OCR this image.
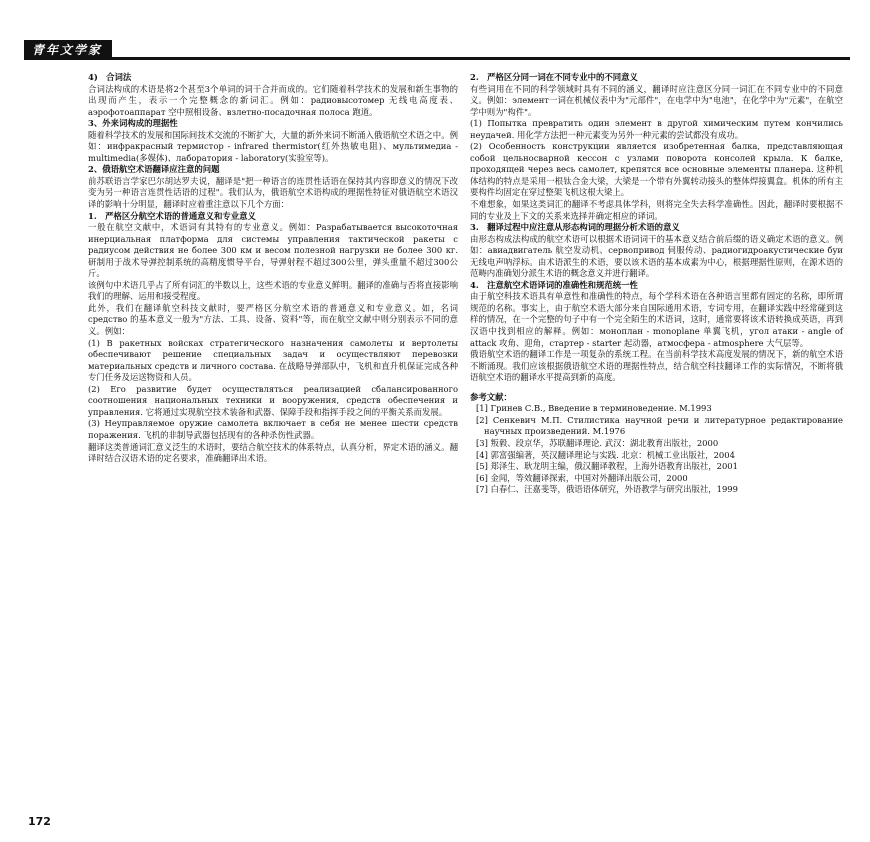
青年文学家

4)　合词法

合词法构成的术语是将2个甚至3个单词的词干合并而成的。它们随着科学技术的发展和新生事物的出现而产生，表示一个完整概念的新词汇。例如：радиовысотомер 无线电高度表、аэрофотоаппарат 空中照相设备、взлетно-посадочная полоса 跑道。

3、外来词构成的理据性

随着科学技术的发展和国际间技术交流的不断扩大，大量的新外来词不断涌入俄语航空术语之中。例如：инфракрасный термистор - infrared thermistor(红外热敏电阻)、мультимедиа - multimedia(多媒体)、лаборатория - laboratory(实验室等)。

2、俄语航空术语翻译应注意的问题

前苏联语言学家巴尔胡达罗夫说，翻译是"把一种语言的连贯性话语在保持其内容即意义的情况下改变为另一种语言连贯性话语的过程"。我们认为，俄语航空术语构成的理据性特征对俄语航空术语汉译的影响十分明显，翻译时应着重注意以下几个方面：

1.　严格区分航空术语的普通意义和专业意义

一般在航空文献中，术语词有其特有的专业意义。例如：Разрабатывается высокоточная инерциальная платформа для системы управления тактической ракеты с радиусом действия не более 300 км и весом полезной нагрузки не более 300 кг. 研制用于战术导弹控制系统的高精度惯导平台，导弹射程不超过300公里，弹头重量不超过300公斤。

该例句中术语几乎占了所有词汇的半数以上，这些术语的专业意义鲜明。翻译的准确与否将直接影响我们的理解、运用和接受程度。

此外，我们在翻译航空科技文献时，要严格区分航空术语的普通意义和专业意义。如，名词 средство 的基本意义一般为"方法、工具、设备、资料"等，而在航空文献中则分别表示不同的意义。例如：

(1) В ракетных войсках стратегического назначения самолеты и вертолеты обеспечивают решение специальных задач и осуществляют перевозки материальных средств и личного состава. 在战略导弹部队中，飞机和直升机保证完成各种专门任务及运送物资和人员。

(2) Его развитие будет осуществляться реализацией сбалансированного соотношения национальных техники и вооружения, средств обеспечения и управления. 它将通过实现航空技术装备和武器、保障手段和指挥手段之间的平衡关系而发展。

(3) Неуправляемое оружие самолета включает в себя не менее шести средств поражения. 飞机的非制导武器包括现有的各种杀伤性武器。

翻译这类普通词汇意义泛生的术语时，要结合航空技术的体系特点，认真分析，界定术语的涵义。翻译时结合汉语术语的定名要求，准确翻译出术语。

2.　严格区分同一词在不同专业中的不同意义

有些词用在不同的科学领域时具有不同的涵义，翻译时应注意区分同一词汇在不同专业中的不同意义。例如：элемент一词在机械仪表中为"元部件"，在电学中为"电池"，在化学中为"元素"，在航空学中则为"构件"。

(1) Попытка превратить один элемент в другой химическим путем кончились неудачей. 用化学方法把一种元素变为另外一种元素的尝试都没有成功。

(2) Особенность конструкции является изобретенная балка, представляющая собой цельносварной кессон с узлами поворота консолей крыла. К балке, проходящей через весь самолет, крепятся все основные элементы планера. 这种机体结构的特点是采用一根钛合金大梁，大梁是一个带有外翼转动接头的整体焊接翼盒。机体的所有主要构件均固定在穿过整架飞机这根大梁上。

不难想象，如果这类词汇的翻译不考虑具体学科，则将完全失去科学准确性。因此，翻译时要根据不同的专业及上下文的关系来选择并确定相应的译词。

3.　翻译过程中应注意从形态构词的理据分析术语的意义

由形态构成法构成的航空术语可以根据术语词词干的基本意义结合前后缀的语义确定术语的意义。例如：авиадвигатель 航空发动机、сервопривод 伺服传动、радиогидроакустические буи 无线电声呐浮标。由术语派生的术语，要以该术语的基本成素为中心，根据理据性原则，在源术语的范畴内准确划分派生术语的概念意义并进行翻译。

4.　注意航空术语译词的准确性和规范统一性

由于航空科技术语具有单意性和准确性的特点，每个学科术语在各种语言里都有固定的名称，即所谓规范的名称。事实上，由于航空术语大部分来自国际通用术语，专词专用，在翻译实践中经常碰到这样的情况，在一个完整的句子中有一个完全陌生的术语词，这时，通常要将该术语转换成英语，再到汉语中找到相应的解释。例如：моноплан - monoplane 单翼飞机，угол атаки - angle of attack 攻角、迎角，стартер - starter 起动器，атмосфера - atmosphere 大气层等。

俄语航空术语的翻译工作是一项复杂的系统工程。在当前科学技术高度发展的情况下，新的航空术语不断涌现。我们应该根据俄语航空术语的理据性特点，结合航空科技翻译工作的实际情况，不断将俄语航空术语的翻译水平提高到新的高度。

参考文献：

[1] Гринев С.В., Введение в терминоведение. М.1993

[2] Сенкевич М.П. Стилистика научной речи и литературное редактирование научных произведений. М.1976

[3] 叛毅、段京华，苏联翻译理论. 武汉：湖北教育出版社，2000

[4] 郭富强编著，英汉翻译理论与实践. 北京：机械工业出版社，2004

[5] 郑泽生、耿龙明主编，俄汉翻译教程，上海外语教育出版社，2001

[6] 金闻，等效翻译探索，中国对外翻译出版公司，2000

[7] 白春仁、汪嘉斐等，俄语语体研究，外语教学与研究出版社，1999

172
